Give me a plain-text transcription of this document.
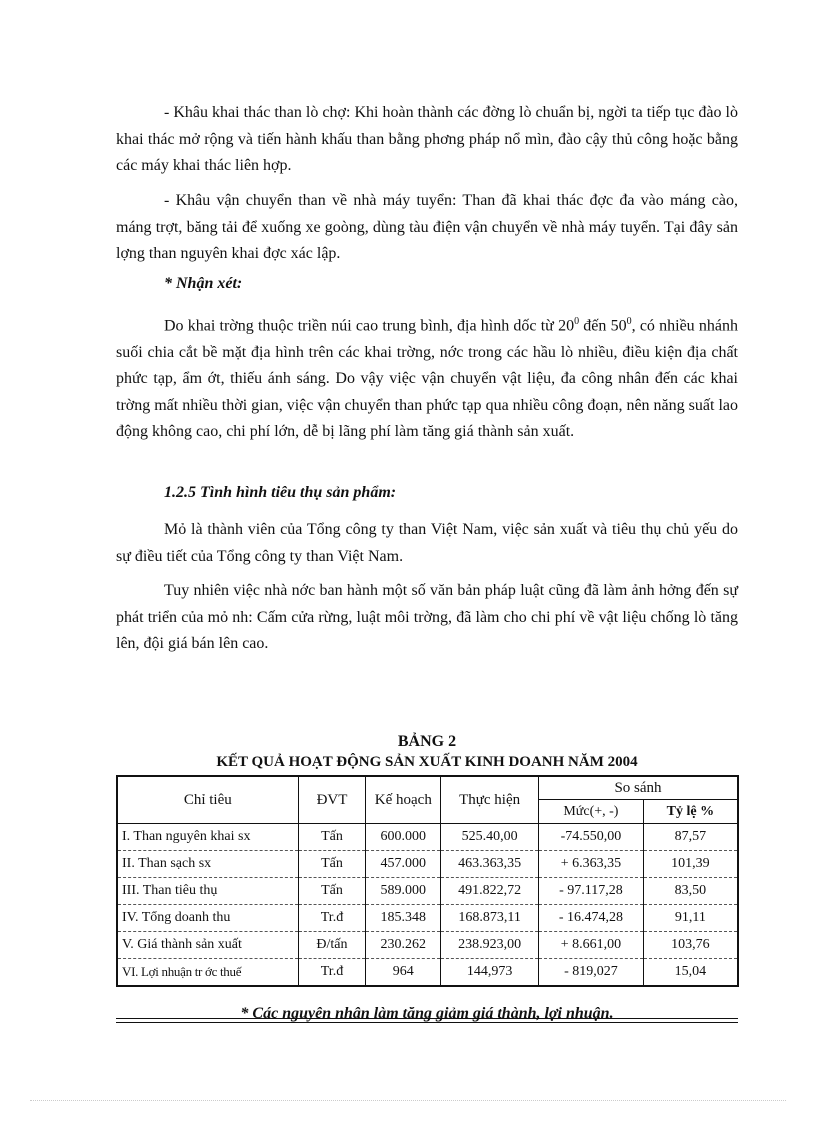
- Khâu khai thác than lò chợ: Khi hoàn thành các đờng lò chuẩn bị, ngời ta tiếp tục đào lò khai thác mở rộng và tiến hành khấu than bằng phơng pháp nổ mìn, đào cậy thủ công hoặc bằng các máy khai thác liên hợp.

- Khâu vận chuyển than về nhà máy tuyển: Than đã khai thác đợc đa vào máng cào, máng trợt, băng tải để xuống xe goòng, dùng tàu điện vận chuyển về nhà máy tuyển. Tại đây sản lợng than nguyên khai đợc xác lập.

* Nhận xét:

Do khai trờng thuộc triền núi cao trung bình, địa hình dốc từ $20^0$ đến $50^0$, có nhiều nhánh suối chia cắt bề mặt địa hình trên các khai trờng, nớc trong các hầu lò nhiều, điều kiện địa chất phức tạp, ẩm ớt, thiếu ánh sáng. Do vậy việc vận chuyển vật liệu, đa công nhân đến các khai trờng mất nhiều thời gian, việc vận chuyển than phức tạp qua nhiều công đoạn, nên năng suất lao động không cao, chi phí lớn, dễ bị lãng phí làm tăng giá thành sản xuất.

1.2.5 Tình hình tiêu thụ sản phẩm:

Mỏ là thành viên của Tổng công ty than Việt Nam, việc sản xuất và tiêu thụ chủ yếu do sự điều tiết của Tổng công ty than Việt Nam.

Tuy nhiên việc nhà nớc ban hành một số văn bản pháp luật cũng đã làm ảnh hởng đến sự phát triển của mỏ nh: Cấm cửa rừng, luật môi trờng, đã làm cho chi phí về vật liệu chống lò tăng lên, đội giá bán lên cao.

BẢNG 2

KẾT QUẢ HOẠT ĐỘNG SẢN XUẤT KINH DOANH NĂM 2004

Chỉ tiêu	ĐVT	Kế hoạch	Thực hiện	So sánh	
				Mức(+, -)	Tỷ lệ %
I. Than nguyên khai sx	Tấn	600.000	525.40,00	-74.550,00	87,57
II. Than sạch sx	Tấn	457.000	463.363,35	+ 6.363,35	101,39
III. Than tiêu thụ	Tấn	589.000	491.822,72	- 97.117,28	83,50
IV. Tổng doanh thu	Tr.đ	185.348	168.873,11	- 16.474,28	91,11
V. Giá thành sản xuất	Đ/tấn	230.262	238.923,00	+ 8.661,00	103,76
VI. Lợi nhuận tr ớc thuế	Tr.đ	964	144,973	- 819,027	15,04

* Các nguyên nhân làm tăng giảm giá thành, lợi nhuận.
